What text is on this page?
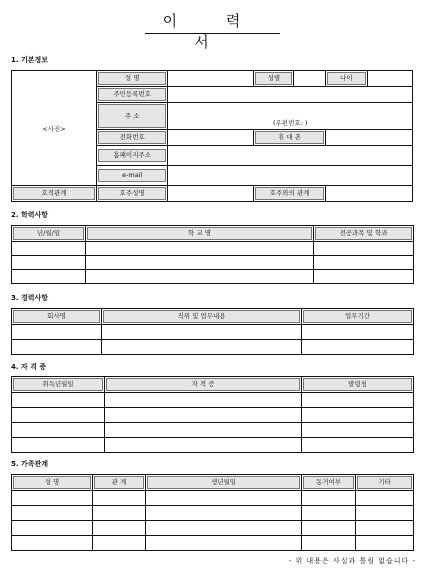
이 력 서
1. 기본정보
<사진>	성 명		성별		나이	

	주민등록번호					

	주 소	(우편번호: )				

	전화번호		휴 대 폰			

	홈페이지주소					

	e-mail					

호적관계	호주성명		호주와의 관계			

2. 학력사항
년/월/일	학 교 명	전공과목 및 학과

3. 경력사항
회사명	직위 및 업무내용	업무기간

4. 자 격 증
취득년월일	자 격 증	발령청

5. 가족관계
성 명	관 계	생년월일	동거여부	기타

- 위 내용은 사실과 틀림 없습니다 -
